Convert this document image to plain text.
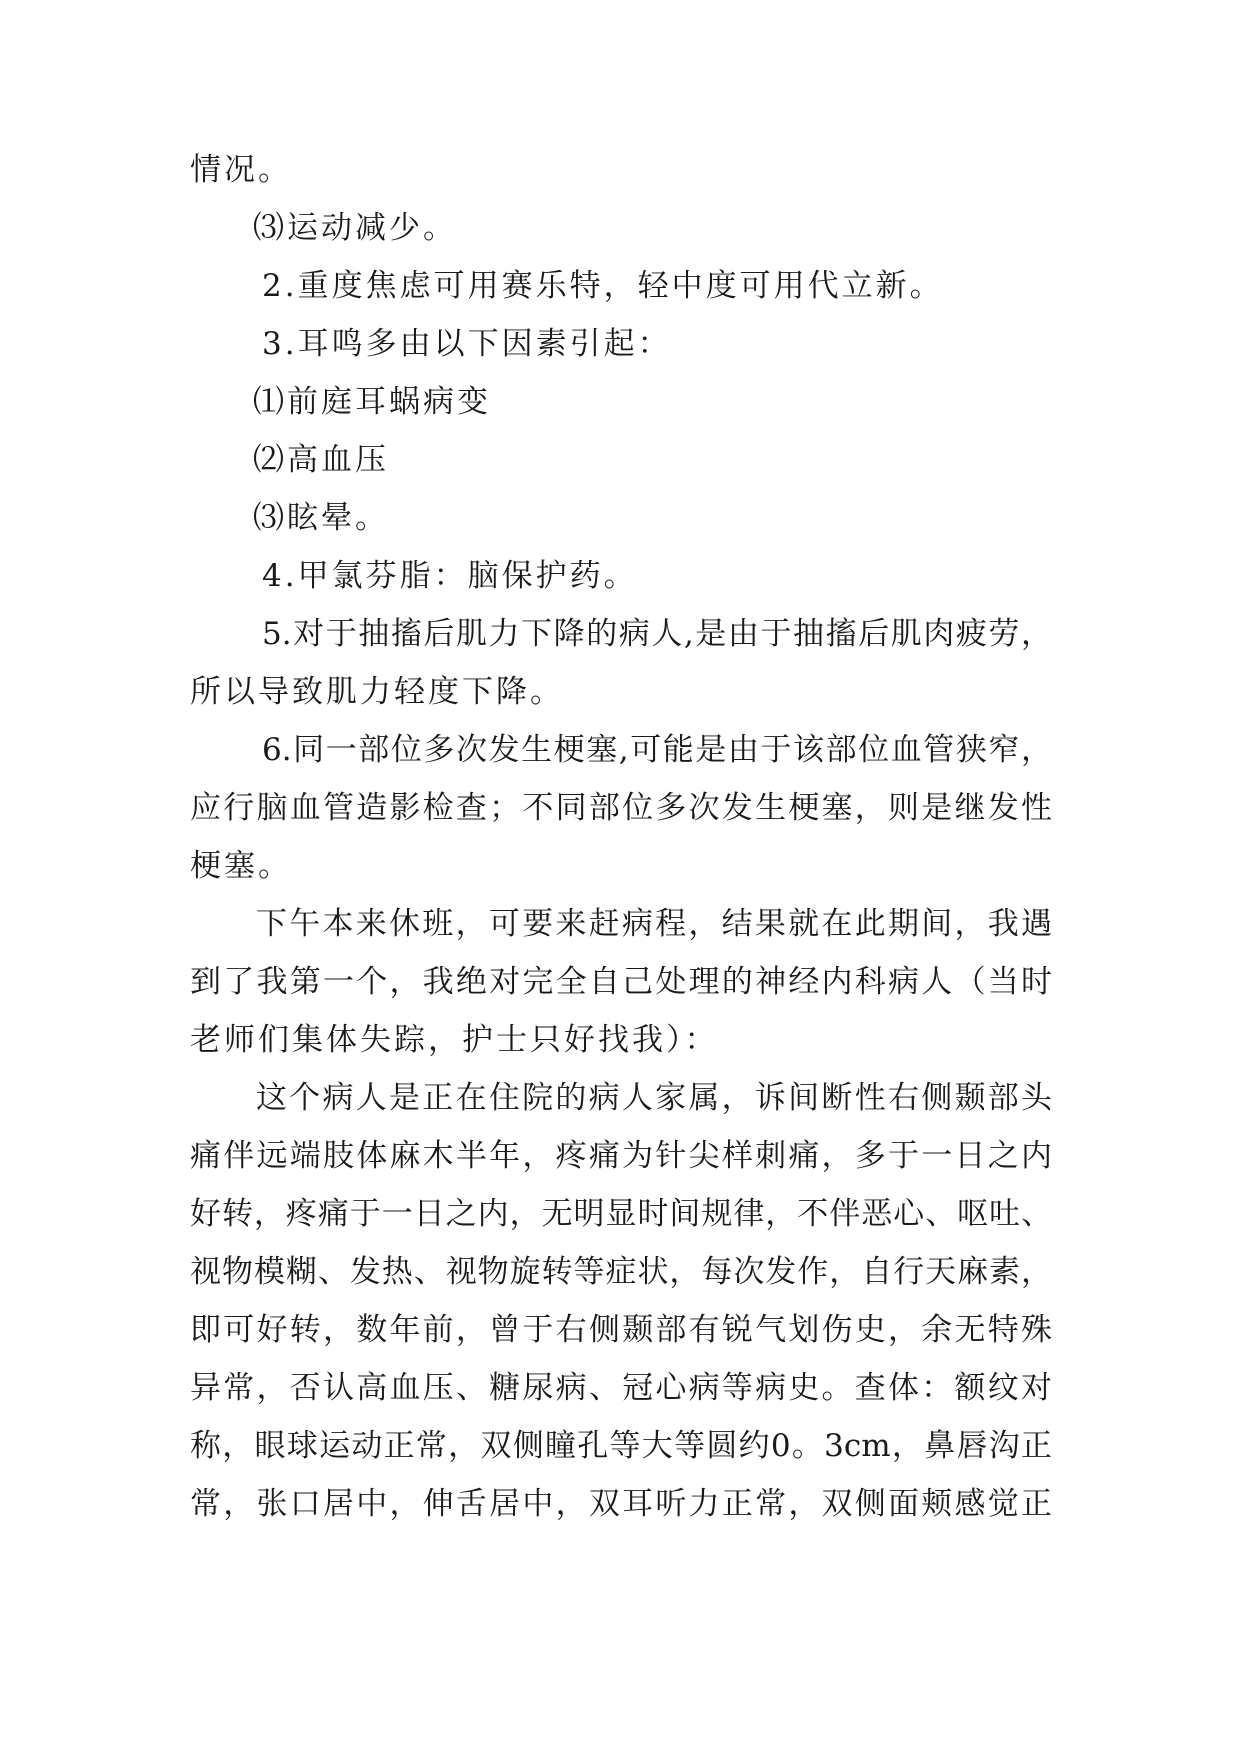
情况。
⑶运动减少。
2.重度焦虑可用赛乐特，轻中度可用代立新。
3.耳鸣多由以下因素引起：
⑴前庭耳蜗病变
⑵高血压
⑶眩晕。
4.甲氯芬脂：脑保护药。
5.对于抽搐后肌力下降的病人,是由于抽搐后肌肉疲劳，
所以导致肌力轻度下降。
6.同一部位多次发生梗塞,可能是由于该部位血管狭窄，
应行脑血管造影检查；不同部位多次发生梗塞，则是继发性
梗塞。
下午本来休班，可要来赶病程，结果就在此期间，我遇
到了我第一个，我绝对完全自己处理的神经内科病人（当时
老师们集体失踪，护士只好找我）：
这个病人是正在住院的病人家属，诉间断性右侧颞部头
痛伴远端肢体麻木半年，疼痛为针尖样刺痛，多于一日之内
好转，疼痛于一日之内，无明显时间规律，不伴恶心、呕吐、
视物模糊、发热、视物旋转等症状，每次发作，自行天麻素，
即可好转，数年前，曾于右侧颞部有锐气划伤史，余无特殊
异常，否认高血压、糖尿病、冠心病等病史。查体：额纹对
称，眼球运动正常，双侧瞳孔等大等圆约0。3cm，鼻唇沟正
常，张口居中，伸舌居中，双耳听力正常，双侧面颊感觉正
